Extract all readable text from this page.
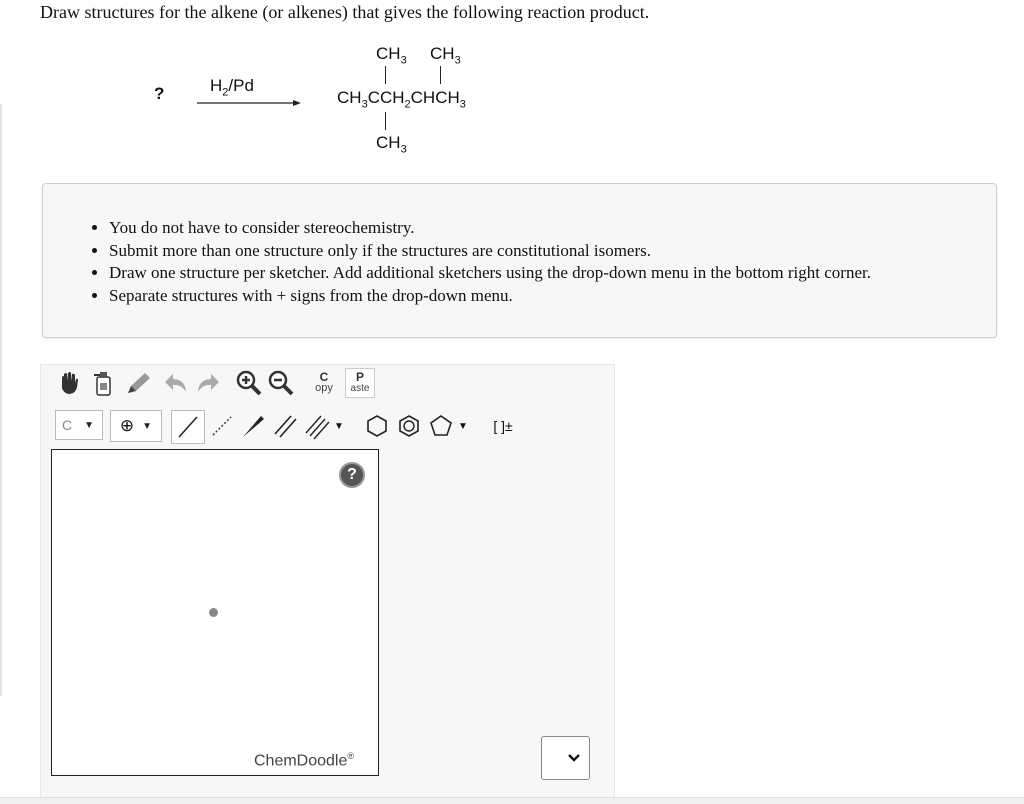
Draw structures for the alkene (or alkenes) that gives the following reaction product.
?	$H_2/Pd$
$CH_3$ $CH_3$
$CH_3CCH_2CHCH_3$
$CH_3$
• You do not have to consider stereochemistry.
• Submit more than one structure only if the structures are constitutional isomers.
• Draw one structure per sketcher. Add additional sketchers using the drop-down menu in the bottom right corner.
• Separate structures with + signs from the drop-down menu.
C
opy
P
aste
C ▼ ⊕ ▼	▼	▼	[ ]±
?
ChemDoodle®
